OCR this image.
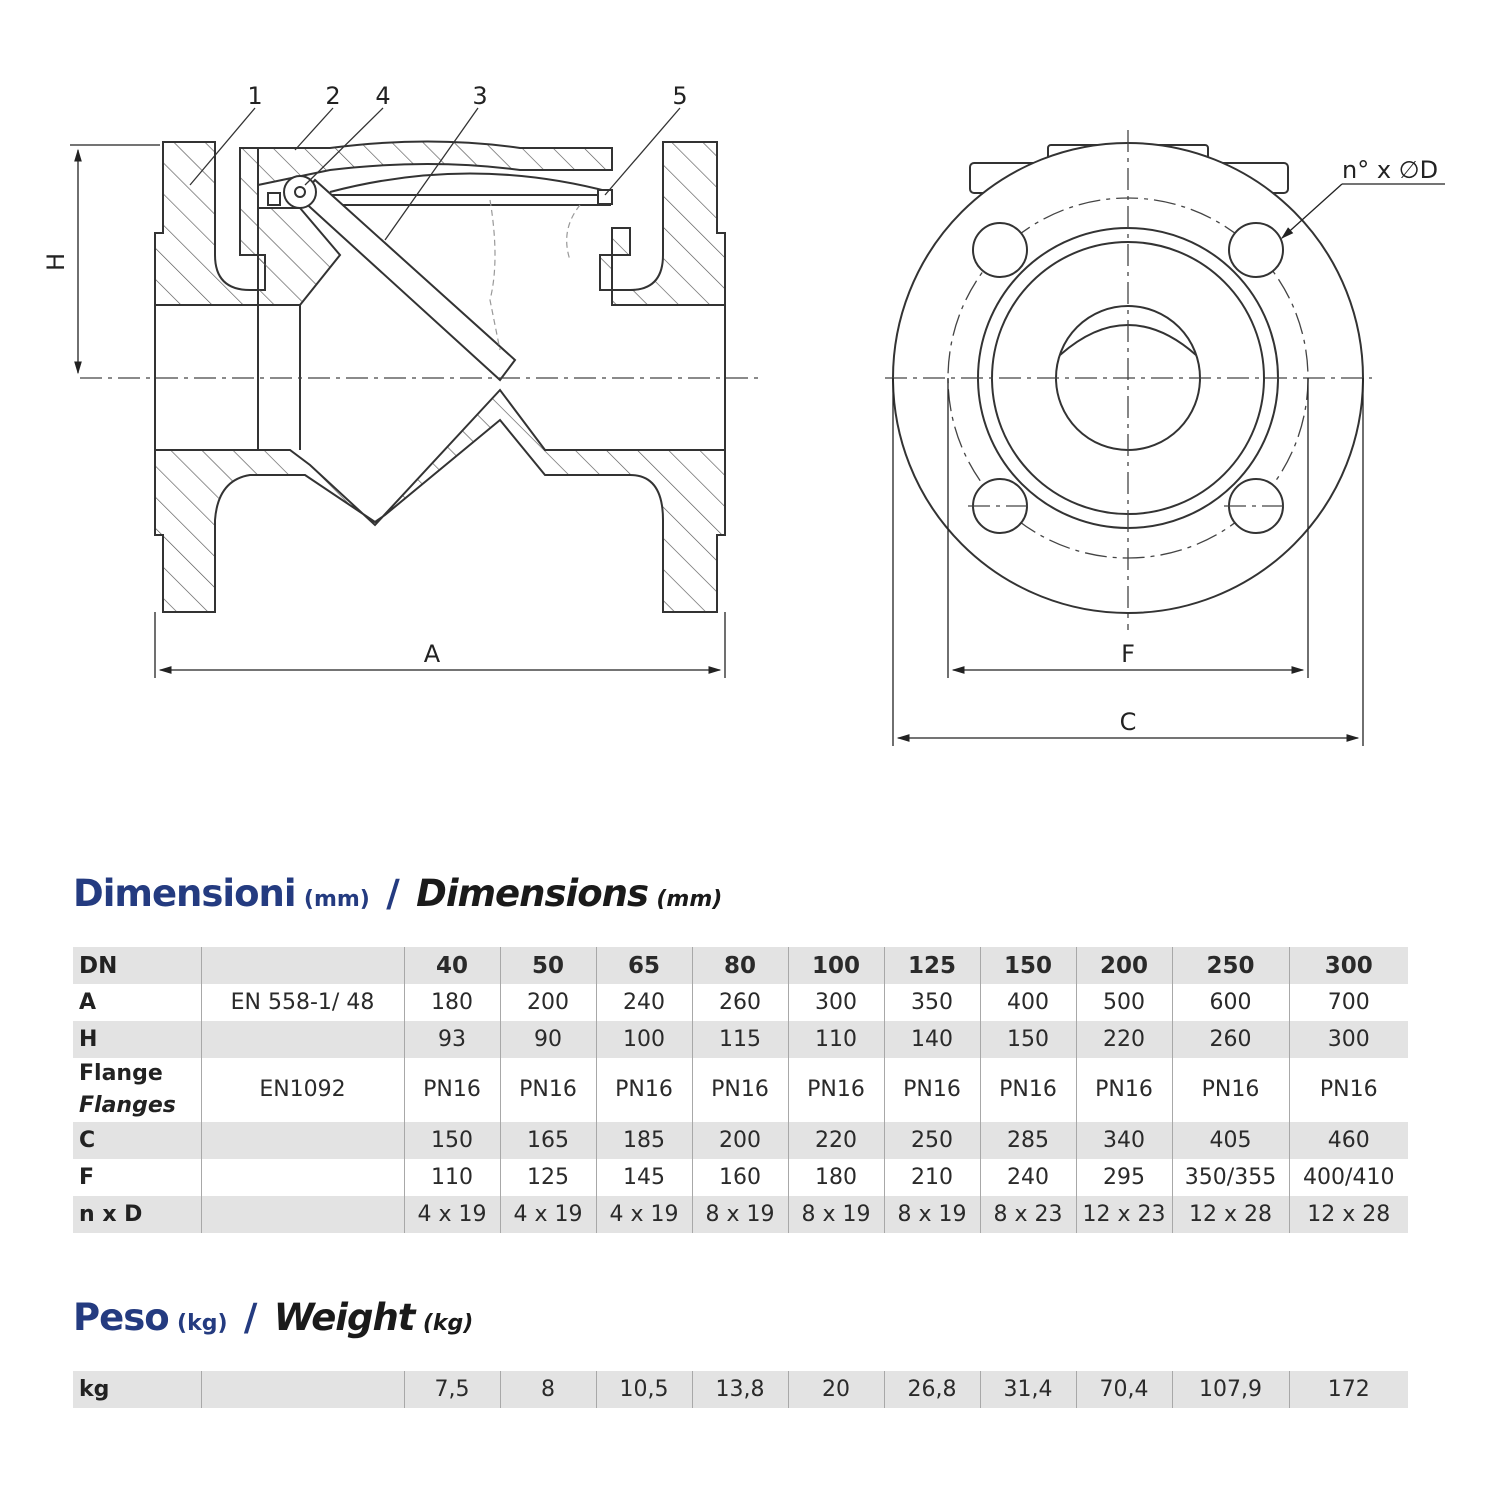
1	2 4	3	5
H
A
n° x ∅D
F
C
Dimensioni (mm) / Dimensions (mm)
DN		40	50	65	80	100	125	150	200	250	300
A	EN 558-1/ 48	180	200	240	260	300	350	400	500	600	700
H		93	90	100	115	110	140	150	220	260	300
Flange
Flanges	EN1092	PN16	PN16	PN16	PN16	PN16	PN16	PN16	PN16	PN16	PN16
C		150	165	185	200	220	250	285	340	405	460
F		110	125	145	160	180	210	240	295	350/355	400/410
n x D		4 x 19	4 x 19	4 x 19	8 x 19	8 x 19	8 x 19	8 x 23	12 x 23	12 x 28	12 x 28
Peso (kg) / Weight (kg)
kg		7,5	8	10,5	13,8	20	26,8	31,4	70,4	107,9	172
